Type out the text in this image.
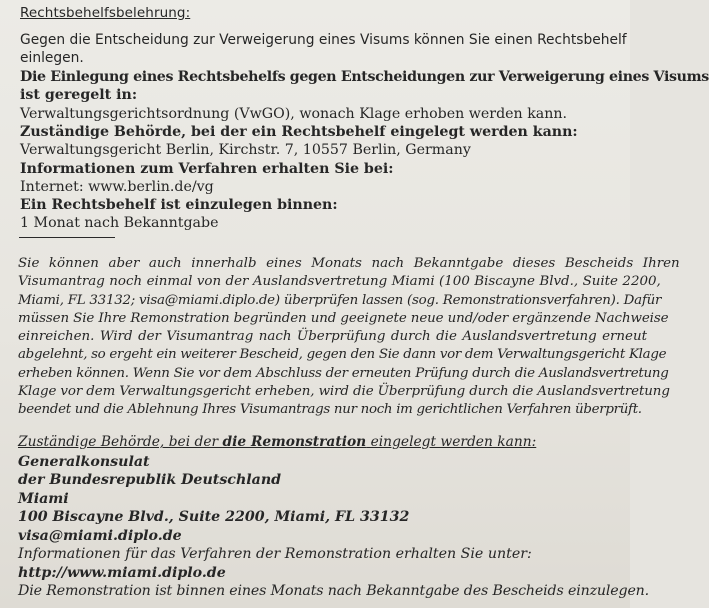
Rechtsbehelfsbelehrung:
Gegen die Entscheidung zur Verweigerung eines Visums können Sie einen Rechtsbehelf
einlegen.
Die Einlegung eines Rechtsbehelfs gegen Entscheidungen zur Verweigerung eines Visums
ist geregelt in:
Verwaltungsgerichtsordnung (VwGO), wonach Klage erhoben werden kann.
Zuständige Behörde, bei der ein Rechtsbehelf eingelegt werden kann:
Verwaltungsgericht Berlin, Kirchstr. 7, 10557 Berlin, Germany
Informationen zum Verfahren erhalten Sie bei:
Internet: www.berlin.de/vg
Ein Rechtsbehelf ist einzulegen binnen:
1 Monat nach Bekanntgabe
Sie können aber auch innerhalb eines Monats nach Bekanntgabe dieses Bescheids Ihren
Visumantrag noch einmal von der Auslandsvertretung Miami (100 Biscayne Blvd., Suite 2200,
Miami, FL 33132; visa@miami.diplo.de) überprüfen lassen (sog. Remonstrationsverfahren). Dafür
müssen Sie Ihre Remonstration begründen und geeignete neue und/oder ergänzende Nachweise
einreichen. Wird der Visumantrag nach Überprüfung durch die Auslandsvertretung erneut
abgelehnt, so ergeht ein weiterer Bescheid, gegen den Sie dann vor dem Verwaltungsgericht Klage
erheben können. Wenn Sie vor dem Abschluss der erneuten Prüfung durch die Auslandsvertretung
Klage vor dem Verwaltungsgericht erheben, wird die Überprüfung durch die Auslandsvertretung
beendet und die Ablehnung Ihres Visumantrags nur noch im gerichtlichen Verfahren überprüft.
Zuständige Behörde, bei der die Remonstration eingelegt werden kann:
Generalkonsulat
der Bundesrepublik Deutschland
Miami
100 Biscayne Blvd., Suite 2200, Miami, FL 33132
visa@miami.diplo.de
Informationen für das Verfahren der Remonstration erhalten Sie unter:
http://www.miami.diplo.de
Die Remonstration ist binnen eines Monats nach Bekanntgabe des Bescheids einzulegen.
